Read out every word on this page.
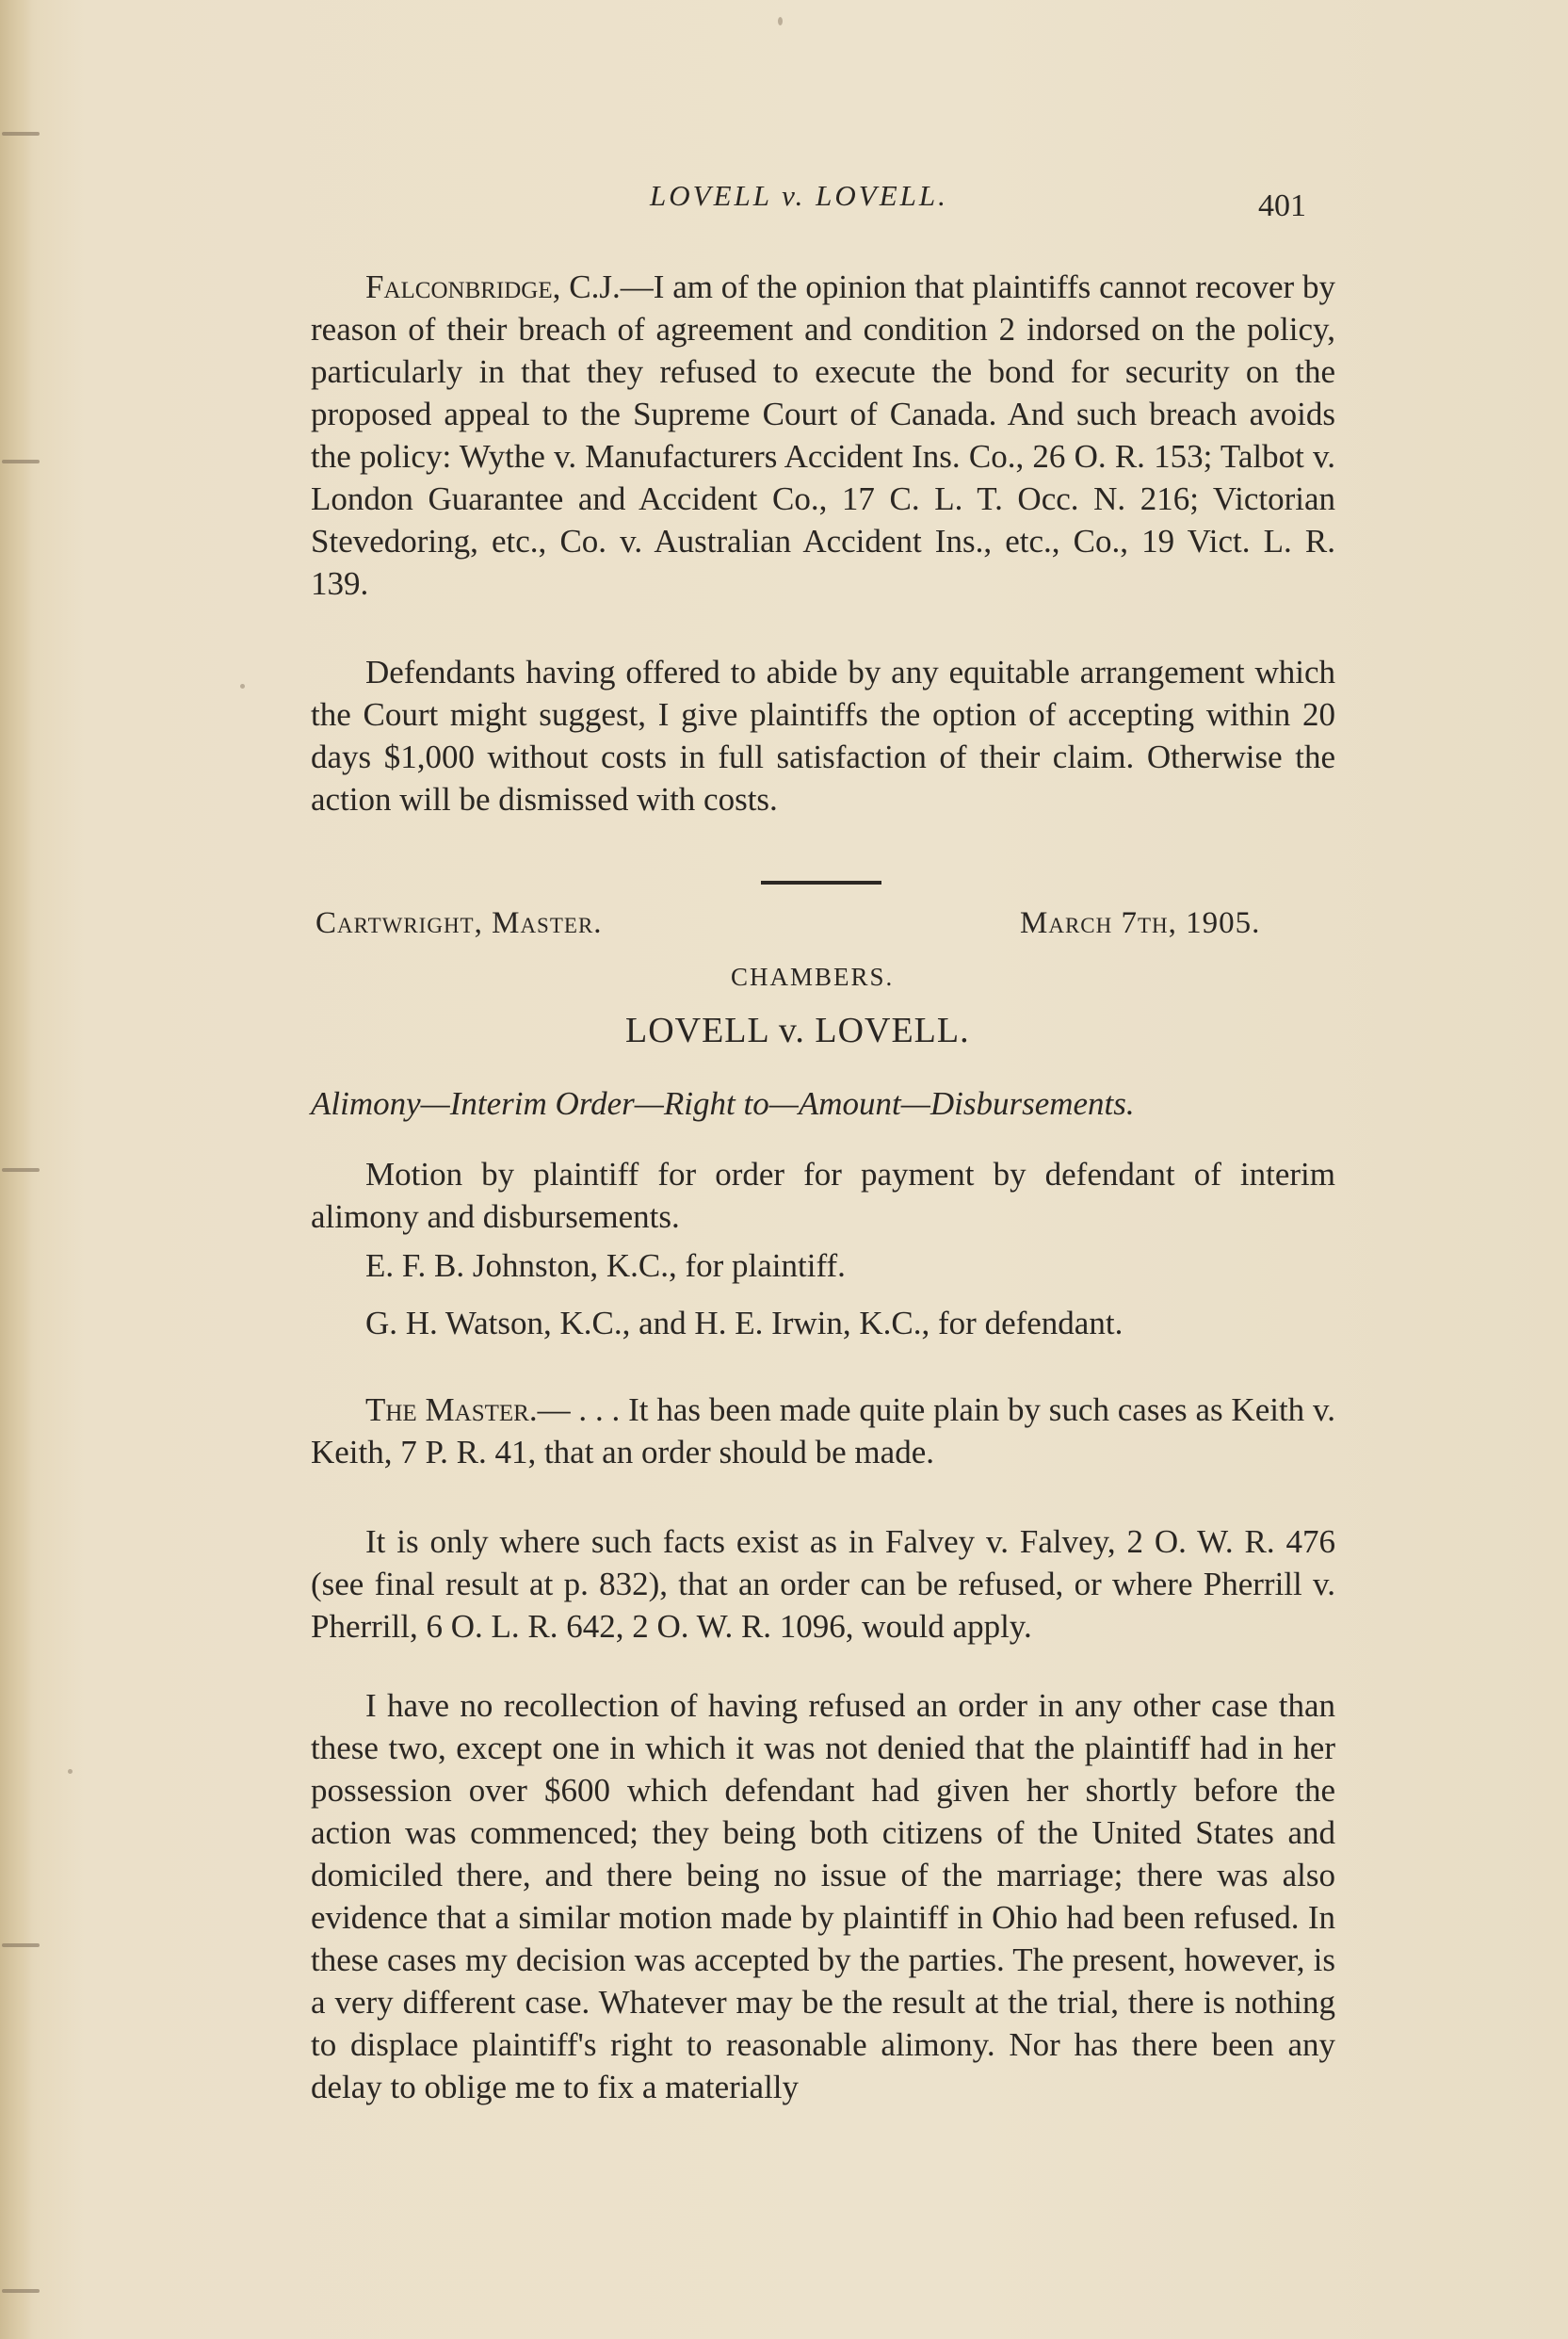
LOVELL v. LOVELL.	401
Falconbridge, C.J.—I am of the opinion that plaintiffs cannot recover by reason of their breach of agreement and condition 2 indorsed on the policy, particularly in that they refused to execute the bond for security on the proposed appeal to the Supreme Court of Canada. And such breach avoids the policy: Wythe v. Manufacturers Accident Ins. Co., 26 O. R. 153; Talbot v. London Guarantee and Accident Co., 17 C. L. T. Occ. N. 216; Victorian Stevedoring, etc., Co. v. Australian Accident Ins., etc., Co., 19 Vict. L. R. 139.
Defendants having offered to abide by any equitable arrangement which the Court might suggest, I give plaintiffs the option of accepting within 20 days $1,000 without costs in full satisfaction of their claim. Otherwise the action will be dismissed with costs.
Cartwright, Master.	March 7th, 1905.
CHAMBERS.
LOVELL v. LOVELL.
Alimony—Interim Order—Right to—Amount—Disbursements.
Motion by plaintiff for order for payment by defendant of interim alimony and disbursements.
E. F. B. Johnston, K.C., for plaintiff.
G. H. Watson, K.C., and H. E. Irwin, K.C., for defendant.
The Master.— . . . It has been made quite plain by such cases as Keith v. Keith, 7 P. R. 41, that an order should be made.
It is only where such facts exist as in Falvey v. Falvey, 2 O. W. R. 476 (see final result at p. 832), that an order can be refused, or where Pherrill v. Pherrill, 6 O. L. R. 642, 2 O. W. R. 1096, would apply.
I have no recollection of having refused an order in any other case than these two, except one in which it was not denied that the plaintiff had in her possession over $600 which defendant had given her shortly before the action was commenced; they being both citizens of the United States and domiciled there, and there being no issue of the marriage; there was also evidence that a similar motion made by plaintiff in Ohio had been refused. In these cases my decision was accepted by the parties. The present, however, is a very different case. Whatever may be the result at the trial, there is nothing to displace plaintiff's right to reasonable alimony. Nor has there been any delay to oblige me to fix a materially
